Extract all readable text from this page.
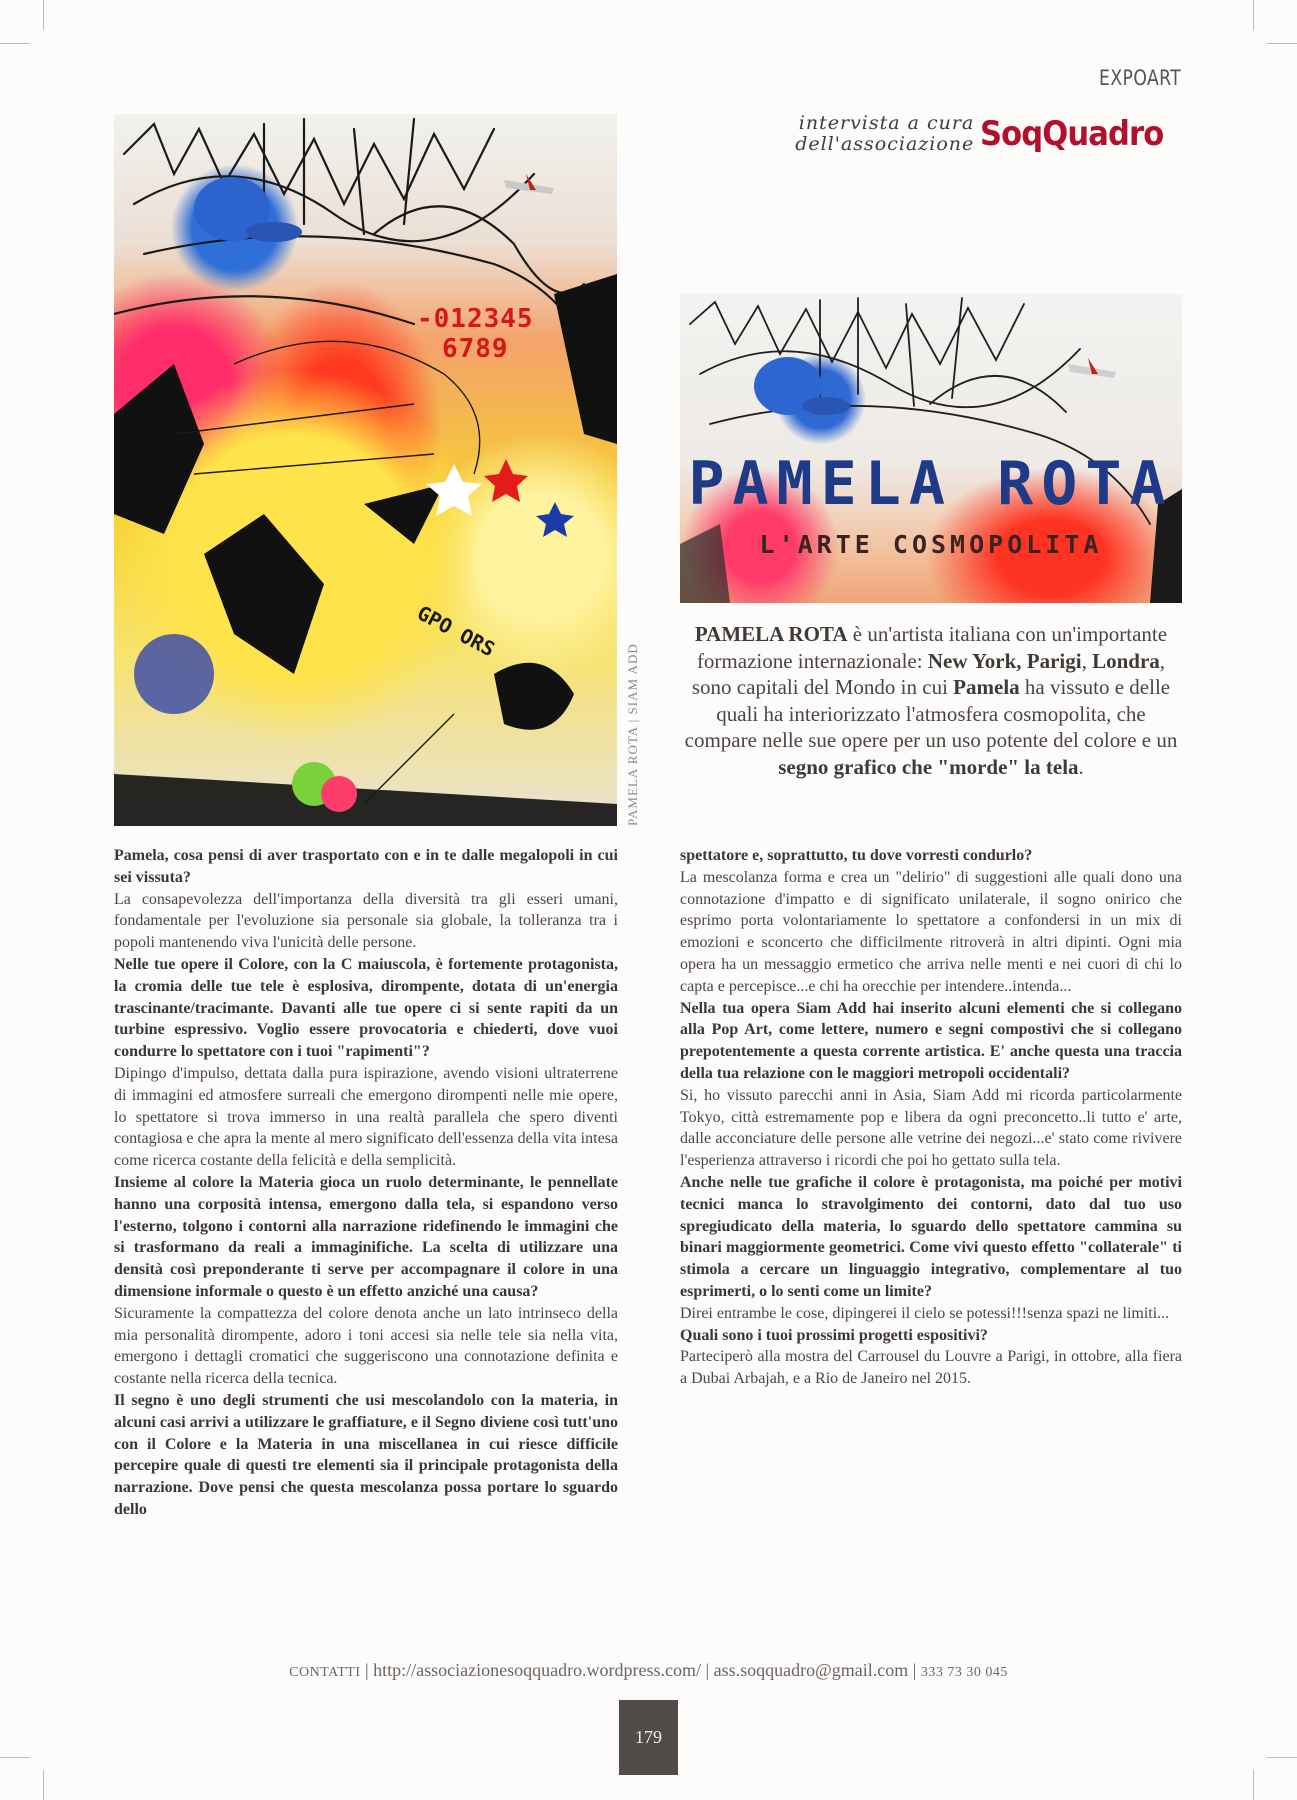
EXPOART
intervista a cura
dell'associazione SoqQuadro
-012345
6789
GPO ORS
PAMELA ROTA | SIAM ADD
PAMELA ROTA
L'ARTE COSMOPOLITA
PAMELA ROTA è un'artista italiana con un'importante formazione internazionale: New York, Parigi, Londra, sono capitali del Mondo in cui Pamela ha vissuto e delle quali ha interiorizzato l'atmosfera cosmopolita, che compare nelle sue opere per un uso potente del colore e un segno grafico che "morde" la tela.

Pamela, cosa pensi di aver trasportato con e in te dalle megalopoli in cui sei vissuta?

La consapevolezza dell'importanza della diversità tra gli esseri umani, fondamentale per l'evoluzione sia personale sia globale, la tolleranza tra i popoli mantenendo viva l'unicità delle persone.

Nelle tue opere il Colore, con la C maiuscola, è fortemente protagonista, la cromia delle tue tele è esplosiva, dirompente, dotata di un'energia trascinante/tracimante. Davanti alle tue opere ci si sente rapiti da un turbine espressivo. Voglio essere provocatoria e chiederti, dove vuoi condurre lo spettatore con i tuoi "rapimenti"?

Dipingo d'impulso, dettata dalla pura ispirazione, avendo visioni ultraterrene di immagini ed atmosfere surreali che emergono dirompenti nelle mie opere, lo spettatore si trova immerso in una realtà parallela che spero diventi contagiosa e che apra la mente al mero significato dell'essenza della vita intesa come ricerca costante della felicità e della semplicità.

Insieme al colore la Materia gioca un ruolo determinante, le pennellate hanno una corposità intensa, emergono dalla tela, si espandono verso l'esterno, tolgono i contorni alla narrazione ridefinendo le immagini che si trasformano da reali a immaginifiche. La scelta di utilizzare una densità così preponderante ti serve per accompagnare il colore in una dimensione informale o questo è un effetto anziché una causa?

Sicuramente la compattezza del colore denota anche un lato intrinseco della mia personalità dirompente, adoro i toni accesi sia nelle tele sia nella vita, emergono i dettagli cromatici che suggeriscono una connotazione definita e costante nella ricerca della tecnica.

Il segno è uno degli strumenti che usi mescolandolo con la materia, in alcuni casi arrivi a utilizzare le graffiature, e il Segno diviene così tutt'uno con il Colore e la Materia in una miscellanea in cui riesce difficile percepire quale di questi tre elementi sia il principale protagonista della narrazione. Dove pensi che questa mescolanza possa portare lo sguardo dello

spettatore e, soprattutto, tu dove vorresti condurlo?

La mescolanza forma e crea un "delirio" di suggestioni alle quali dono una connotazione d'impatto e di significato unilaterale, il sogno onirico che esprimo porta volontariamente lo spettatore a confondersi in un mix di emozioni e sconcerto che difficilmente ritroverà in altri dipinti. Ogni mia opera ha un messaggio ermetico che arriva nelle menti e nei cuori di chi lo capta e percepisce...e chi ha orecchie per intendere..intenda...

Nella tua opera Siam Add hai inserito alcuni elementi che si collegano alla Pop Art, come lettere, numero e segni compostivi che si collegano prepotentemente a questa corrente artistica. E' anche questa una traccia della tua relazione con le maggiori metropoli occidentali?

Si, ho vissuto parecchi anni in Asia, Siam Add mi ricorda particolarmente Tokyo, città estremamente pop e libera da ogni preconcetto..li tutto e' arte, dalle acconciature delle persone alle vetrine dei negozi...e' stato come rivivere l'esperienza attraverso i ricordi che poi ho gettato sulla tela.

Anche nelle tue grafiche il colore è protagonista, ma poiché per motivi tecnici manca lo stravolgimento dei contorni, dato dal tuo uso spregiudicato della materia, lo sguardo dello spettatore cammina su binari maggiormente geometrici. Come vivi questo effetto "collaterale" ti stimola a cercare un linguaggio integrativo, complementare al tuo esprimerti, o lo senti come un limite?

Direi entrambe le cose, dipingerei il cielo se potessi!!!senza spazi ne limiti...

Quali sono i tuoi prossimi progetti espositivi?

Parteciperò alla mostra del Carrousel du Louvre a Parigi, in ottobre, alla fiera a Dubai Arbajah, e a Rio de Janeiro nel 2015.

CONTATTI | http://associazionesoqquadro.wordpress.com/ | ass.soqquadro@gmail.com | 333 73 30 045
179
